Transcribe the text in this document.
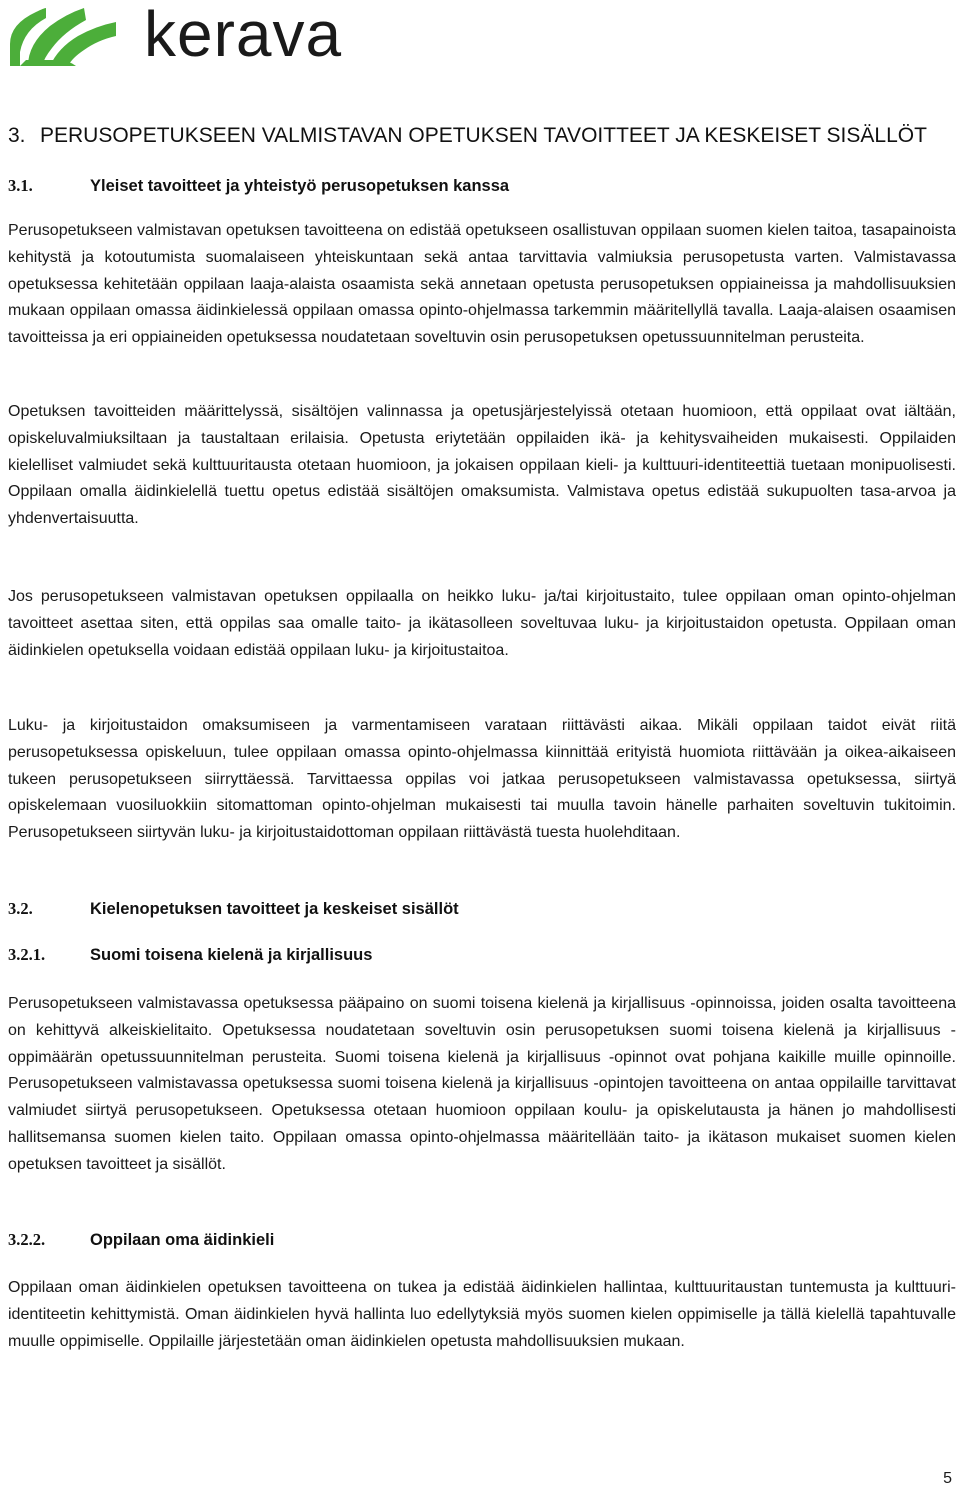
kerava
3. PERUSOPETUKSEEN VALMISTAVAN OPETUKSEN TAVOITTEET JA KESKEISET SISÄLLÖT
3.1.	Yleiset tavoitteet ja yhteistyö perusopetuksen kanssa
Perusopetukseen valmistavan opetuksen tavoitteena on edistää opetukseen osallistuvan oppilaan suomen kielen taitoa, tasapainoista kehitystä ja kotoutumista suomalaiseen yhteiskuntaan sekä antaa tarvittavia valmiuksia perusopetusta varten. Valmistavassa opetuksessa kehitetään oppilaan laaja-alaista osaamista sekä annetaan opetusta perusopetuksen oppiaineissa ja mahdollisuuksien mukaan oppilaan omassa äidinkielessä oppilaan omassa opinto-ohjelmassa tarkemmin määritellyllä tavalla. Laaja-alaisen osaamisen tavoitteissa ja eri oppiaineiden opetuksessa noudatetaan soveltuvin osin perusopetuksen opetussuunnitelman perusteita.
Opetuksen tavoitteiden määrittelyssä, sisältöjen valinnassa ja opetusjärjestelyissä otetaan huomioon, että oppilaat ovat iältään, opiskeluvalmiuksiltaan ja taustaltaan erilaisia. Opetusta eriytetään oppilaiden ikä- ja kehitysvaiheiden mukaisesti. Oppilaiden kielelliset valmiudet sekä kulttuuritausta otetaan huomioon, ja jokaisen oppilaan kieli- ja kulttuuri-identiteettiä tuetaan monipuolisesti. Oppilaan omalla äidinkielellä tuettu opetus edistää sisältöjen omaksumista. Valmistava opetus edistää sukupuolten tasa-arvoa ja yhdenvertaisuutta.
Jos perusopetukseen valmistavan opetuksen oppilaalla on heikko luku- ja/tai kirjoitustaito, tulee oppilaan oman opinto-ohjelman tavoitteet asettaa siten, että oppilas saa omalle taito- ja ikätasolleen soveltuvaa luku- ja kirjoitustaidon opetusta. Oppilaan oman äidinkielen opetuksella voidaan edistää oppilaan luku- ja kirjoitustaitoa.
Luku- ja kirjoitustaidon omaksumiseen ja varmentamiseen varataan riittävästi aikaa. Mikäli oppilaan taidot eivät riitä perusopetuksessa opiskeluun, tulee oppilaan omassa opinto-ohjelmassa kiinnittää erityistä huomiota riittävään ja oikea-aikaiseen tukeen perusopetukseen siirryttäessä. Tarvittaessa oppilas voi jatkaa perusopetukseen valmistavassa opetuksessa, siirtyä opiskelemaan vuosiluokkiin sitomattoman opinto-ohjelman mukaisesti tai muulla tavoin hänelle parhaiten soveltuvin tukitoimin. Perusopetukseen siirtyvän luku- ja kirjoitustaidottoman oppilaan riittävästä tuesta huolehditaan.
3.2.	Kielenopetuksen tavoitteet ja keskeiset sisällöt
3.2.1.	Suomi toisena kielenä ja kirjallisuus
Perusopetukseen valmistavassa opetuksessa pääpaino on suomi toisena kielenä ja kirjallisuus -opinnoissa, joiden osalta tavoitteena on kehittyvä alkeiskielitaito. Opetuksessa noudatetaan soveltuvin osin perusopetuksen suomi toisena kielenä ja kirjallisuus -oppimäärän opetussuunnitelman perusteita. Suomi toisena kielenä ja kirjallisuus -opinnot ovat pohjana kaikille muille opinnoille. Perusopetukseen valmistavassa opetuksessa suomi toisena kielenä ja kirjallisuus -opintojen tavoitteena on antaa oppilaille tarvittavat valmiudet siirtyä perusopetukseen. Opetuksessa otetaan huomioon oppilaan koulu- ja opiskelutausta ja hänen jo mahdollisesti hallitsemansa suomen kielen taito. Oppilaan omassa opinto-ohjelmassa määritellään taito- ja ikätason mukaiset suomen kielen opetuksen tavoitteet ja sisällöt.
3.2.2.	Oppilaan oma äidinkieli
Oppilaan oman äidinkielen opetuksen tavoitteena on tukea ja edistää äidinkielen hallintaa, kulttuuritaustan tuntemusta ja kulttuuri-identiteetin kehittymistä. Oman äidinkielen hyvä hallinta luo edellytyksiä myös suomen kielen oppimiselle ja tällä kielellä tapahtuvalle muulle oppimiselle. Oppilaille järjestetään oman äidinkielen opetusta mahdollisuuksien mukaan.
5
